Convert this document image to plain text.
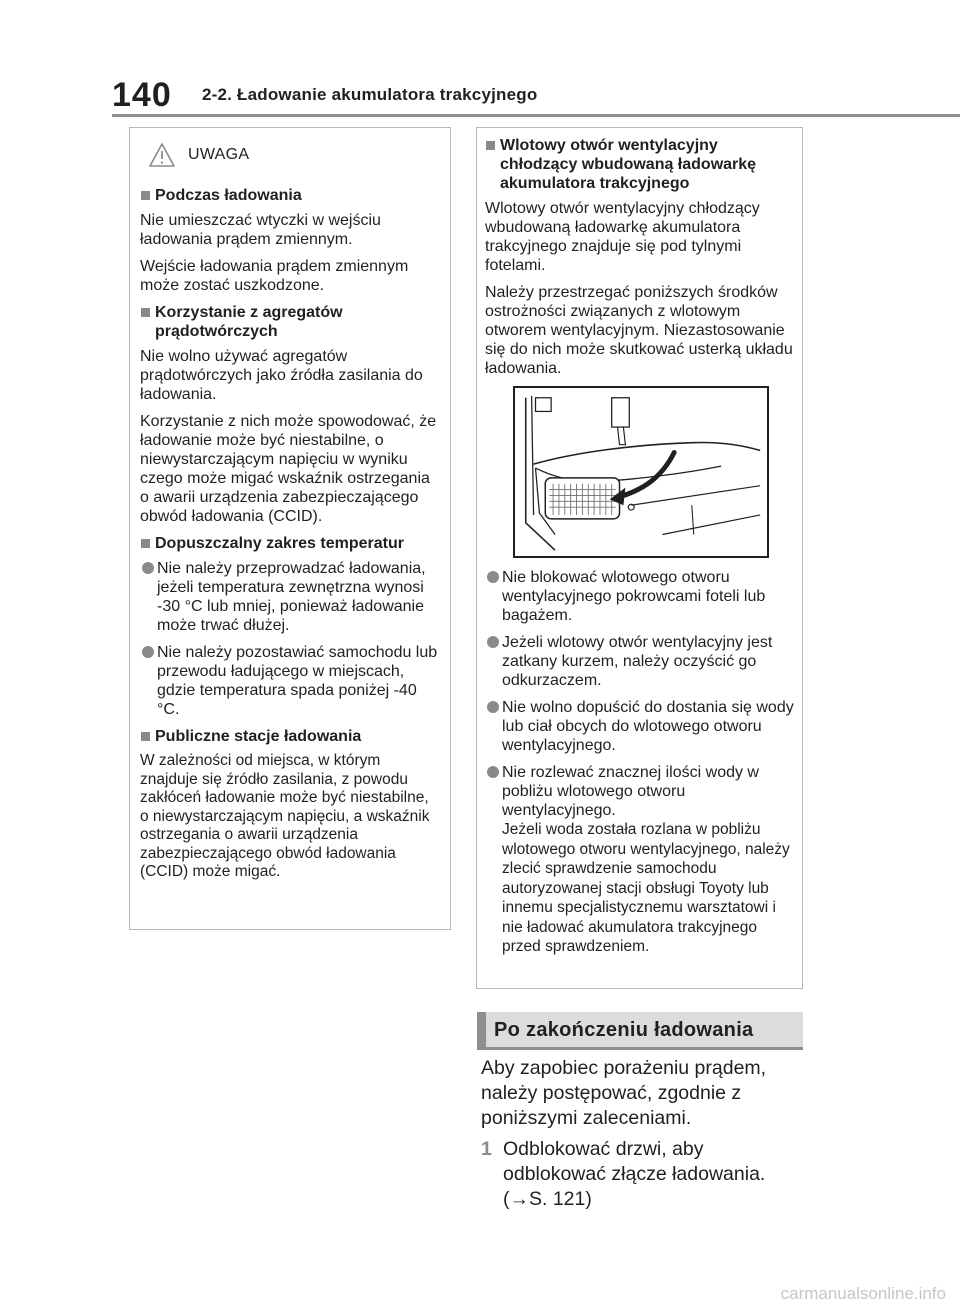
140 2-2. Ładowanie akumulatora trakcyjnego
UWAGA
Podczas ładowania

Nie umieszczać wtyczki w wejściu ładowania prądem zmiennym.

Wejście ładowania prądem zmiennym może zostać uszkodzone.

Korzystanie z agregatów prądotwórczych

Nie wolno używać agregatów prądotwórczych jako źródła zasilania do ładowania.

Korzystanie z nich może spowodować, że ładowanie może być niestabilne, o niewystarczającym napięciu w wyniku czego może migać wskaźnik ostrzegania o awarii urządzenia zabezpieczającego obwód ładowania (CCID).

Dopuszczalny zakres temperatur
Nie należy przeprowadzać ładowania, jeżeli temperatura zewnętrzna wynosi -30 °C lub mniej, ponieważ ładowanie może trwać dłużej.
Nie należy pozostawiać samochodu lub przewodu ładującego w miejscach, gdzie temperatura spada poniżej -40 °C.
Publiczne stacje ładowania

W zależności od miejsca, w którym znajduje się źródło zasilania, z powodu zakłóceń ładowanie może być niestabilne, o niewystarczającym napięciu, a wskaźnik ostrzegania o awarii urządzenia zabezpieczającego obwód ładowania (CCID) może migać.

Wlotowy otwór wentylacyjny chłodzący wbudowaną ładowarkę akumulatora trakcyjnego

Wlotowy otwór wentylacyjny chłodzący wbudowaną ładowarkę akumulatora trakcyjnego znajduje się pod tylnymi fotelami.

Należy przestrzegać poniższych środków ostrożności związanych z wlotowym otworem wentylacyjnym. Niezastosowanie się do nich może skutkować usterką układu ładowania.

Nie blokować wlotowego otworu wentylacyjnego pokrowcami foteli lub bagażem.
Jeżeli wlotowy otwór wentylacyjny jest zatkany kurzem, należy oczyścić go odkurzaczem.
Nie wolno dopuścić do dostania się wody lub ciał obcych do wlotowego otworu wentylacyjnego.
Nie rozlewać znacznej ilości wody w pobliżu wlotowego otworu wentylacyjnego.
Jeżeli woda została rozlana w pobliżu wlotowego otworu wentylacyjnego, należy zlecić sprawdzenie samochodu autoryzowanej stacji obsługi Toyoty lub innemu specjalistycznemu warsztatowi i nie ładować akumulatora trakcyjnego przed sprawdzeniem.
Po zakończeniu ładowania

Aby zapobiec porażeniu prądem, należy postępować, zgodnie z poniższymi zaleceniami.

1 Odblokować drzwi, aby odblokować złącze ładowania. (→S. 121)
carmanualsonline.info
